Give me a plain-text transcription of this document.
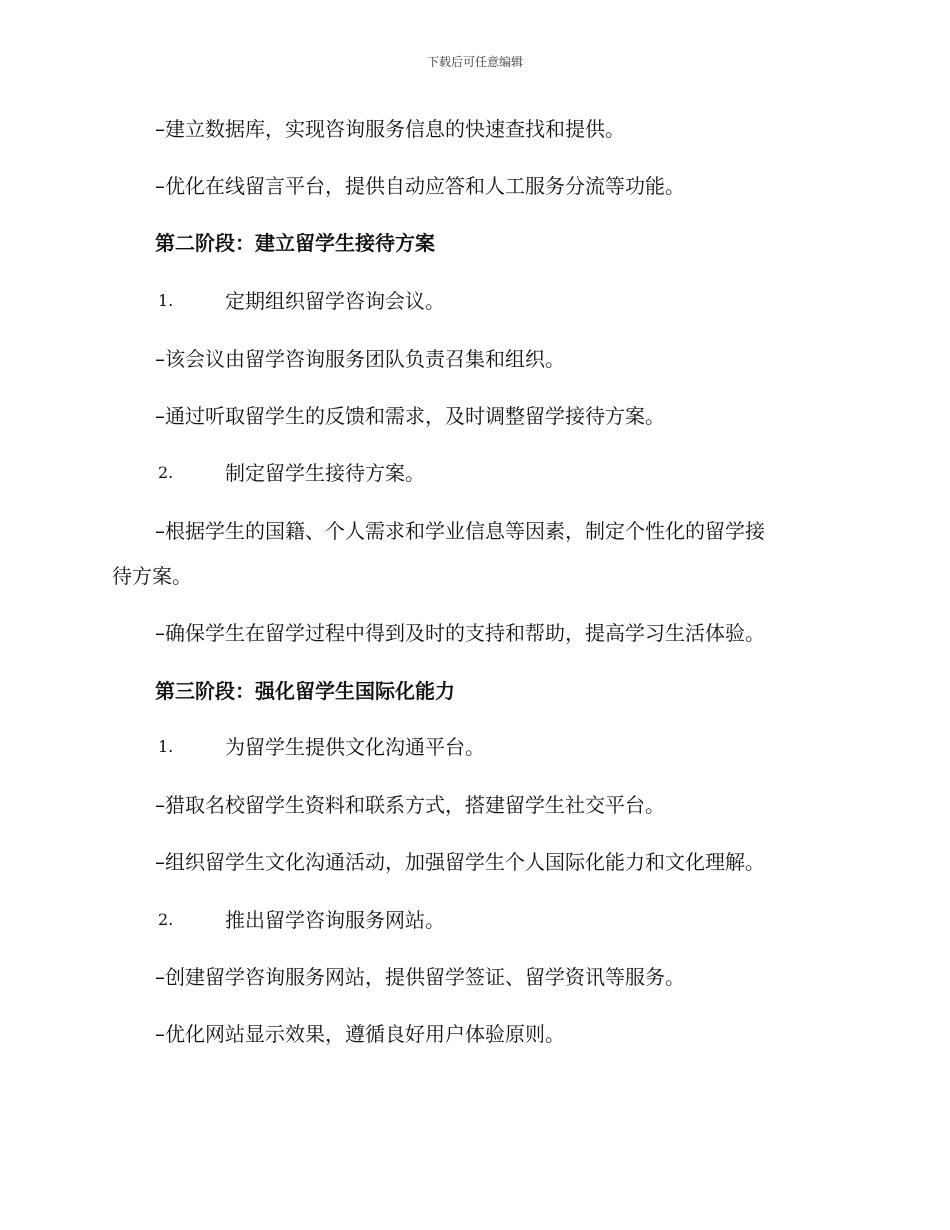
下载后可任意编辑
–建立数据库，实现咨询服务信息的快速查找和提供。
–优化在线留言平台，提供自动应答和人工服务分流等功能。
第二阶段：建立留学生接待方案
1.	定期组织留学咨询会议。
–该会议由留学咨询服务团队负责召集和组织。
–通过听取留学生的反馈和需求，及时调整留学接待方案。
2.	制定留学生接待方案。
–根据学生的国籍、个人需求和学业信息等因素，制定个性化的留学接
待方案。
–确保学生在留学过程中得到及时的支持和帮助，提高学习生活体验。
第三阶段：强化留学生国际化能力
1.	为留学生提供文化沟通平台。
–猎取名校留学生资料和联系方式，搭建留学生社交平台。
–组织留学生文化沟通活动，加强留学生个人国际化能力和文化理解。
2.	推出留学咨询服务网站。
–创建留学咨询服务网站，提供留学签证、留学资讯等服务。
–优化网站显示效果，遵循良好用户体验原则。
